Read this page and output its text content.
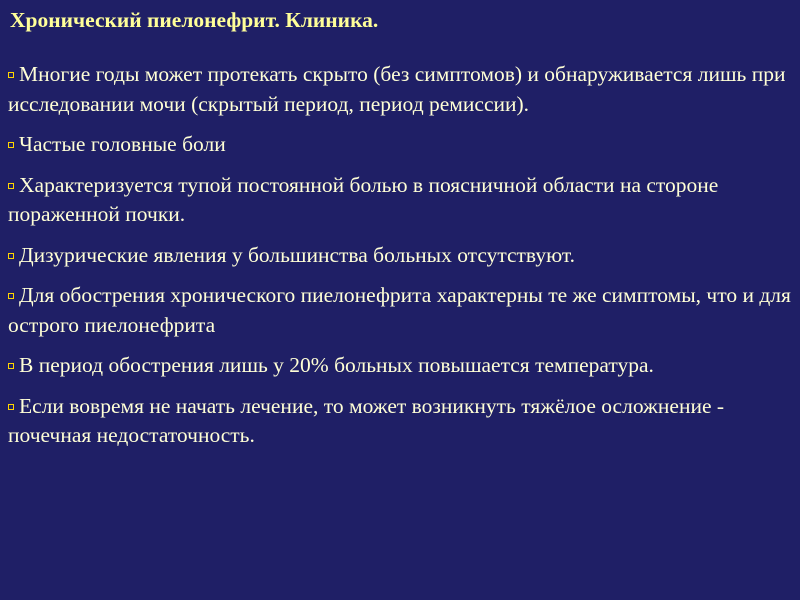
Хронический пиелонефрит. Клиника.
Многие годы может протекать скрыто (без симптомов) и обнаруживается лишь при исследовании мочи (скрытый период, период ремиссии).
Частые головные боли
Характеризуется тупой постоянной болью в поясничной области на стороне пораженной почки.
Дизурические явления у большинства больных отсутствуют.
Для обострения хронического пиелонефрита характерны те же симптомы, что и для острого пиелонефрита
В период обострения лишь у 20% больных повышается температура.
Если вовремя не начать лечение, то может возникнуть тяжёлое осложнение - почечная недостаточность.
